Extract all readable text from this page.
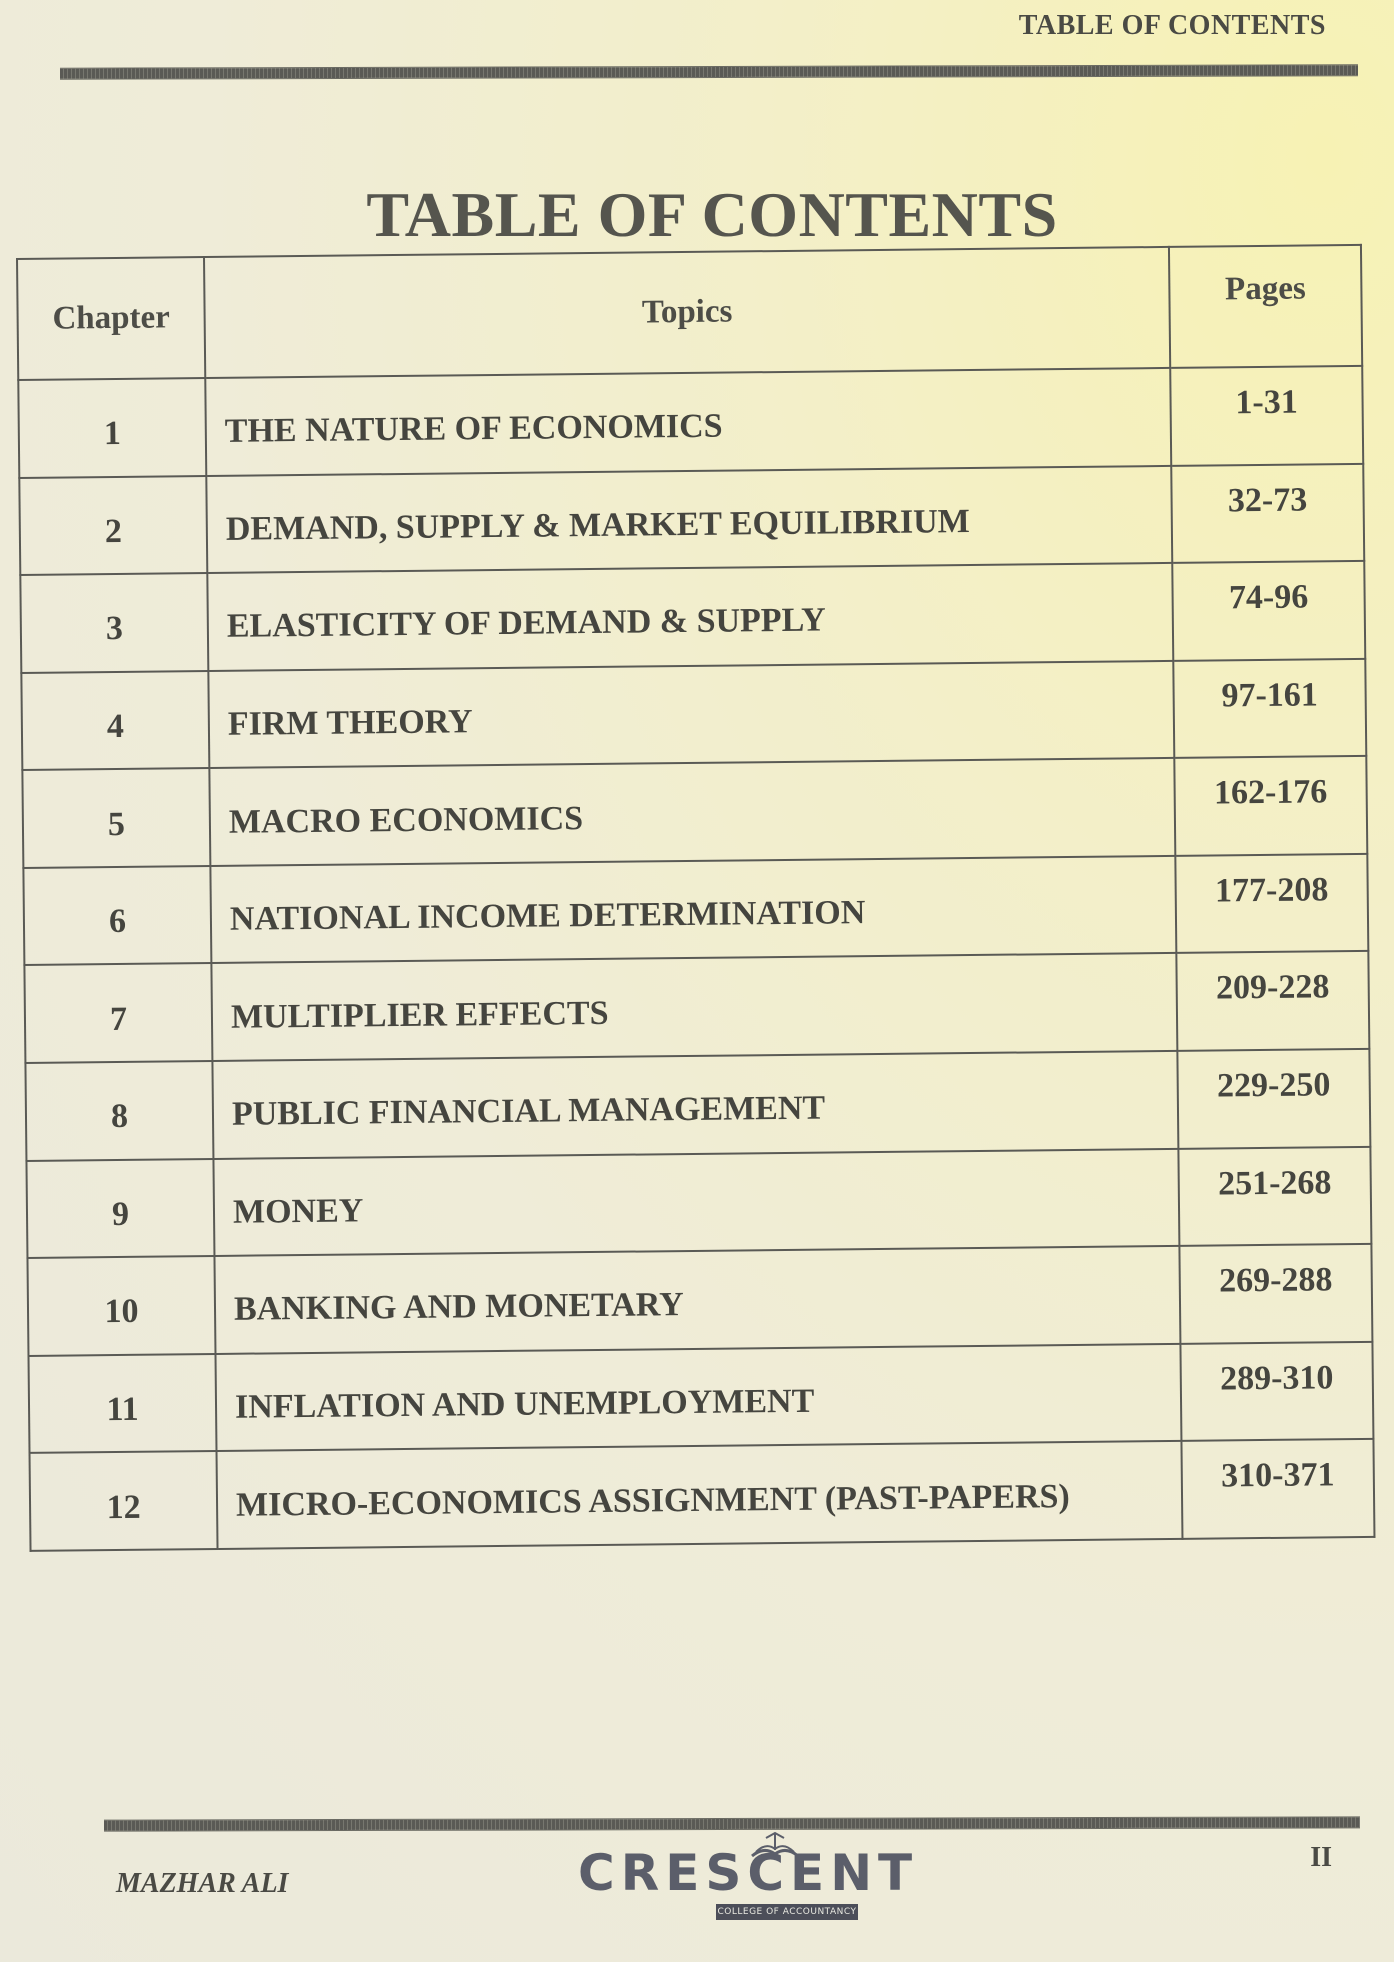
TABLE OF CONTENTS
TABLE OF CONTENTS
Chapter	Topics	Pages
1	THE NATURE OF ECONOMICS	1-31
2	DEMAND, SUPPLY & MARKET EQUILIBRIUM	32-73
3	ELASTICITY OF DEMAND & SUPPLY	74-96
4	FIRM THEORY	97-161
5	MACRO ECONOMICS	162-176
6	NATIONAL INCOME DETERMINATION	177-208
7	MULTIPLIER EFFECTS	209-228
8	PUBLIC FINANCIAL MANAGEMENT	229-250
9	MONEY	251-268
10	BANKING AND MONETARY	269-288
11	INFLATION AND UNEMPLOYMENT	289-310
12	MICRO-ECONOMICS ASSIGNMENT (PAST-PAPERS)	310-371
MAZHAR ALI	CRESCENT
COLLEGE OF ACCOUNTANCY
II
